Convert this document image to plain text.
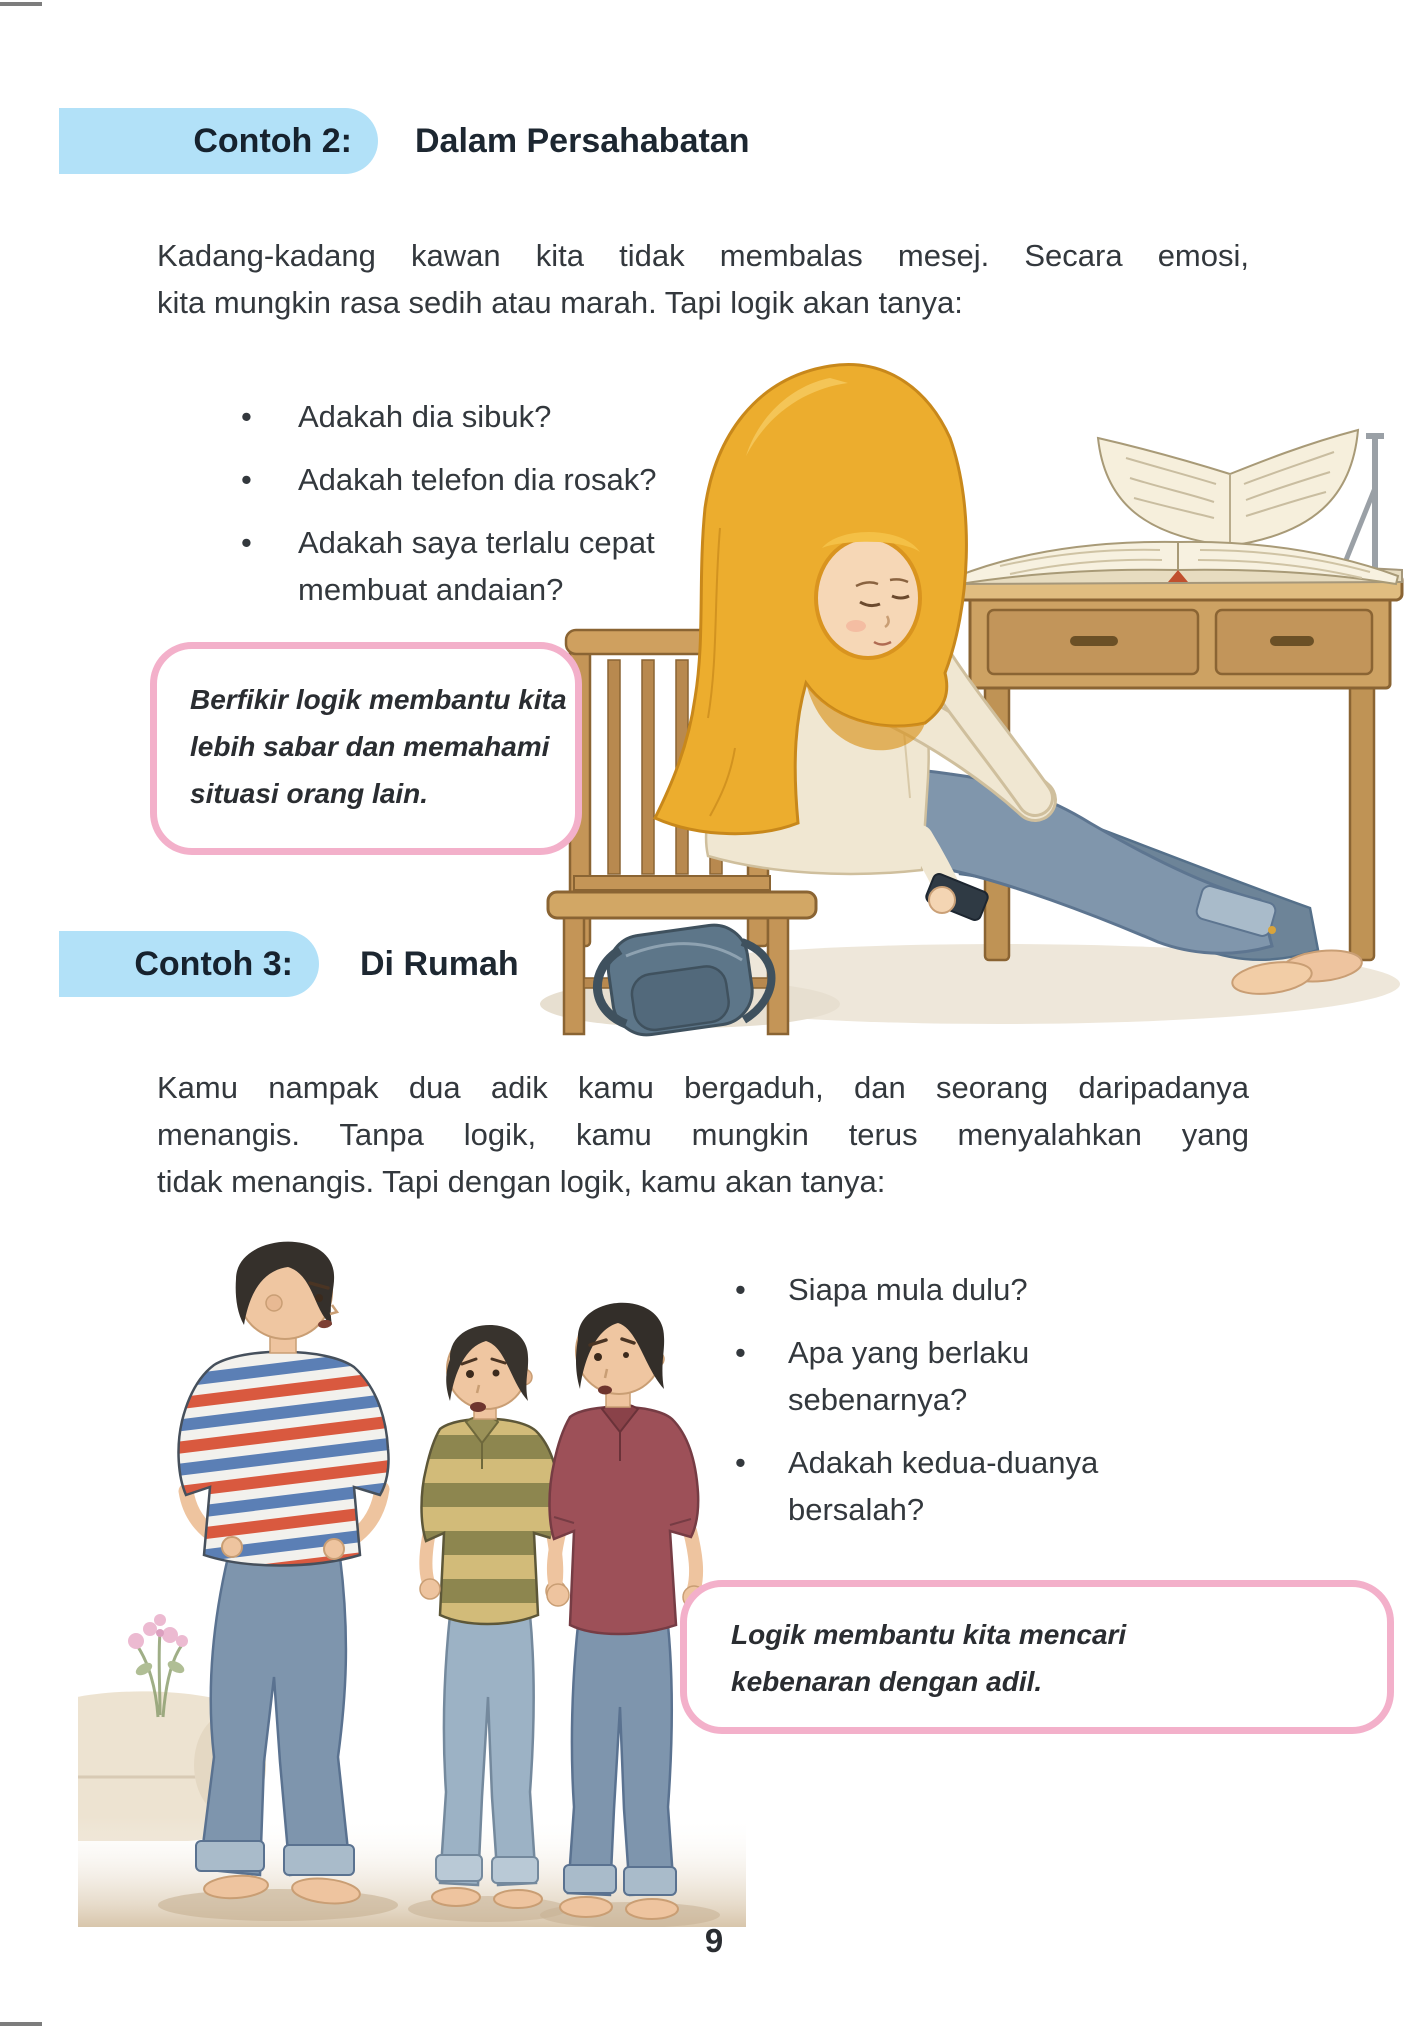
Contoh 2:	Dalam Persahabatan
Kadang-kadang kawan kita tidak membalas mesej. Secara emosi,
kita mungkin rasa sedih atau marah. Tapi logik akan tanya:
• Adakah dia sibuk?
• Adakah telefon dia rosak?
• Adakah saya terlalu cepat
membuat andaian?
Berfikir logik membantu kita
lebih sabar dan memahami
situasi orang lain.
Contoh 3:	Di Rumah
Kamu nampak dua adik kamu bergaduh, dan seorang daripadanya
menangis. Tanpa logik, kamu mungkin terus menyalahkan yang
tidak menangis. Tapi dengan logik, kamu akan tanya:
• Siapa mula dulu?
• Apa yang berlaku
sebenarnya?
• Adakah kedua-duanya
bersalah?
Logik membantu kita mencari
kebenaran dengan adil.
9
